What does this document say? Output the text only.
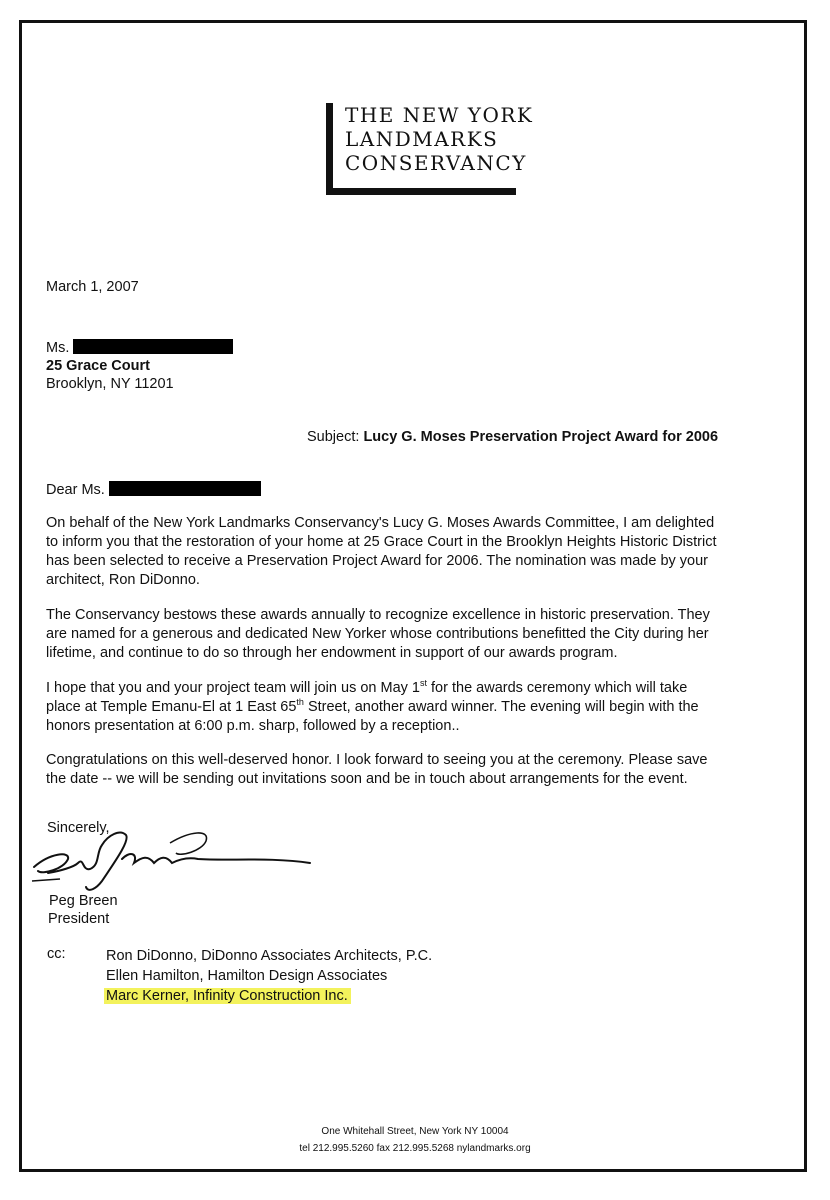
THE NEW YORK
LANDMARKS
CONSERVANCY
March 1, 2007
Ms.
25 Grace Court
Brooklyn, NY 11201
Subject: Lucy G. Moses Preservation Project Award for 2006
Dear Ms.
On behalf of the New York Landmarks Conservancy's Lucy G. Moses Awards Committee, I am delighted
to inform you that the restoration of your home at 25 Grace Court in the Brooklyn Heights Historic District
has been selected to receive a Preservation Project Award for 2006. The nomination was made by your
architect, Ron DiDonno.
The Conservancy bestows these awards annually to recognize excellence in historic preservation. They
are named for a generous and dedicated New Yorker whose contributions benefitted the City during her
lifetime, and continue to do so through her endowment in support of our awards program.
I hope that you and your project team will join us on May 1st for the awards ceremony which will take
place at Temple Emanu-El at 1 East 65th Street, another award winner. The evening will begin with the
honors presentation at 6:00 p.m. sharp, followed by a reception..
Congratulations on this well-deserved honor. I look forward to seeing you at the ceremony. Please save
the date -- we will be sending out invitations soon and be in touch about arrangements for the event.
Sincerely,
Peg Breen
President
cc:	Ron DiDonno, DiDonno Associates Architects, P.C.
Ellen Hamilton, Hamilton Design Associates
Marc Kerner, Infinity Construction Inc.
One Whitehall Street, New York NY 10004
tel 212.995.5260 fax 212.995.5268 nylandmarks.org
